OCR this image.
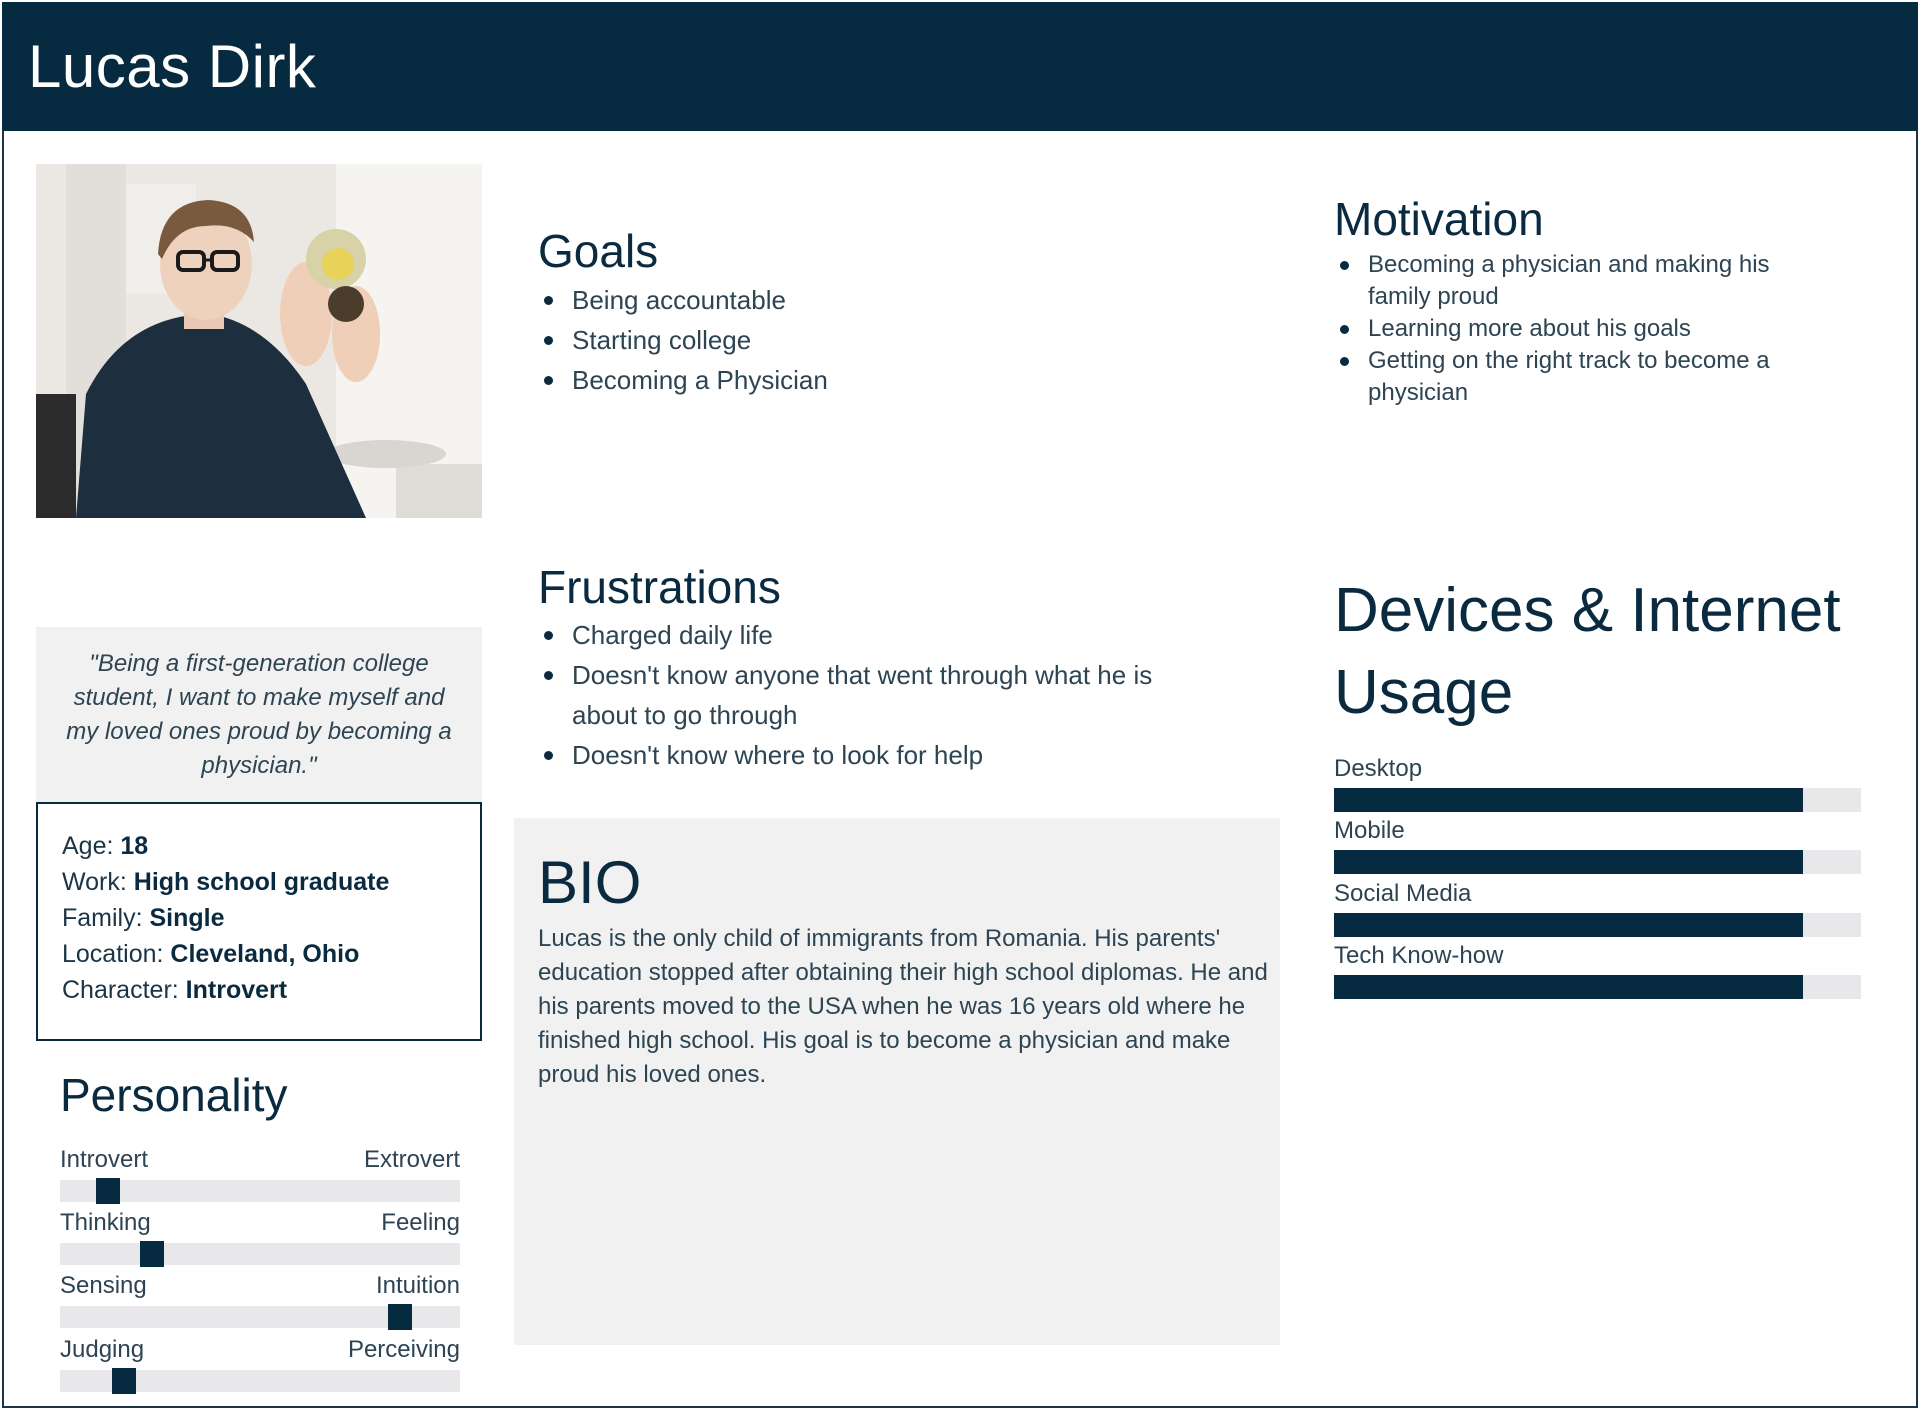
Lucas Dirk

"Being a first-generation college student, I want to make myself and my loved ones proud by becoming a physician."

Age: 18
Work: High school graduate
Family: Single
Location: Cleveland, Ohio
Character: Introvert
Personality
Introvert	Extrovert
Thinking	Feeling
Sensing	Intuition
Judging	Perceiving
Goals
Being accountable
Starting college
Becoming a Physician
Frustrations
Charged daily life
Doesn't know anyone that went through what he is about to go through
Doesn't know where to look for help
Motivation
Becoming a physician and making his family proud
Learning more about his goals
Getting on the right track to become a physician
BIO

Lucas is the only child of immigrants from Romania. His parents' education stopped after obtaining their high school diplomas. He and his parents moved to the USA when he was 16 years old where he finished high school. His goal is to become a physician and make proud his loved ones.

Devices & Internet Usage
Desktop
Mobile
Social Media
Tech Know-how
